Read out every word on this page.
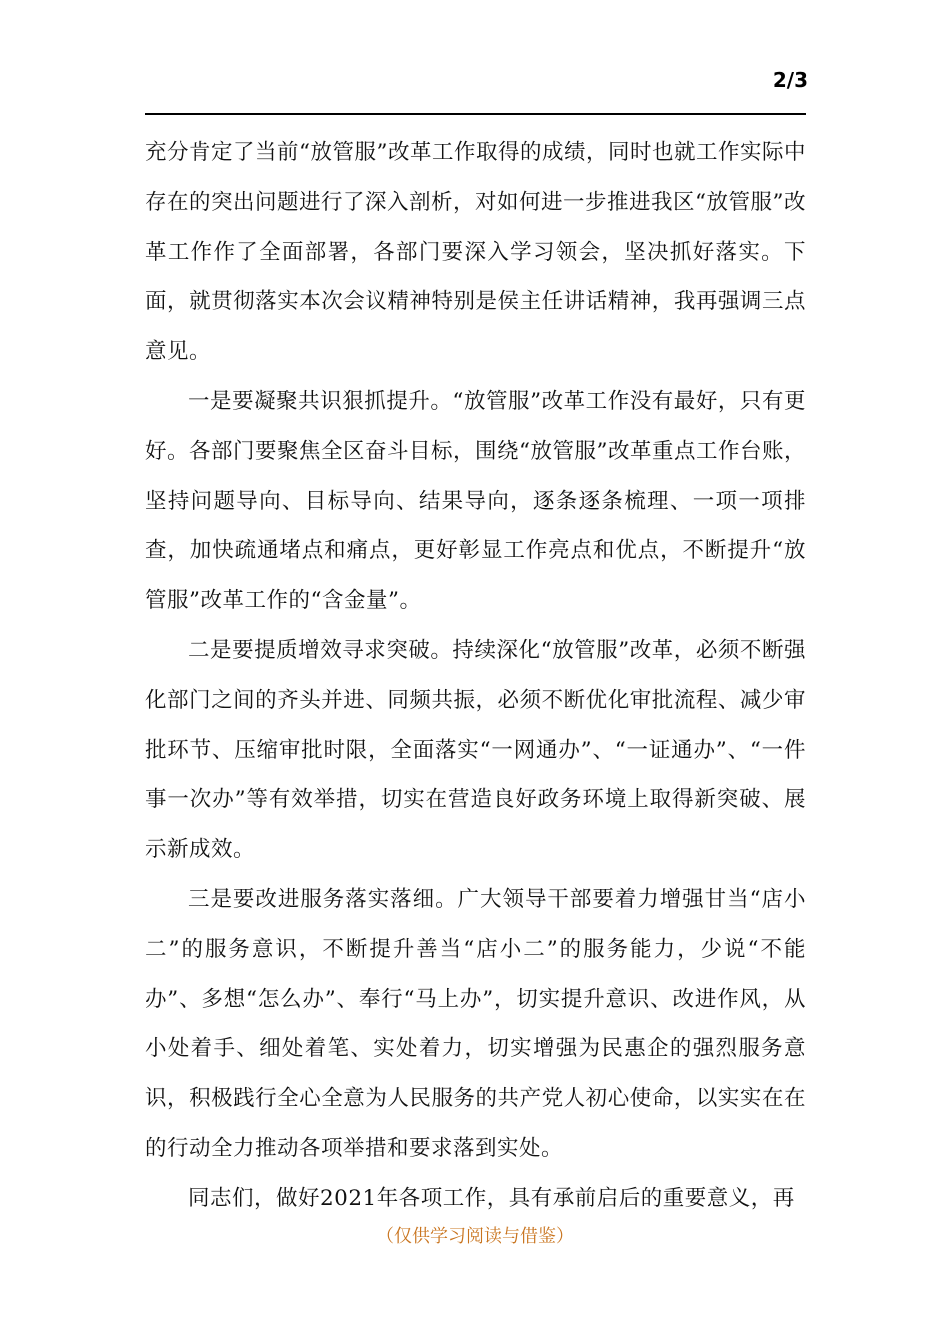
2/3

充分肯定了当前“放管服”改革工作取得的成绩，同时也就工作实际中存在的突出问题进行了深入剖析，对如何进一步推进我区“放管服”改革工作作了全面部署，各部门要深入学习领会，坚决抓好落实。下面，就贯彻落实本次会议精神特别是侯主任讲话精神，我再强调三点意见。

一是要凝聚共识狠抓提升。“放管服”改革工作没有最好，只有更好。各部门要聚焦全区奋斗目标，围绕“放管服”改革重点工作台账，坚持问题导向、目标导向、结果导向，逐条逐条梳理、一项一项排查，加快疏通堵点和痛点，更好彰显工作亮点和优点，不断提升“放管服”改革工作的“含金量”。

二是要提质增效寻求突破。持续深化“放管服”改革，必须不断强化部门之间的齐头并进、同频共振，必须不断优化审批流程、减少审批环节、压缩审批时限，全面落实“一网通办”、“一证通办”、“一件事一次办”等有效举措，切实在营造良好政务环境上取得新突破、展示新成效。

三是要改进服务落实落细。广大领导干部要着力增强甘当“店小二”的服务意识，不断提升善当“店小二”的服务能力，少说“不能办”、多想“怎么办”、奉行“马上办”，切实提升意识、改进作风，从小处着手、细处着笔、实处着力，切实增强为民惠企的强烈服务意识，积极践行全心全意为人民服务的共产党人初心使命，以实实在在的行动全力推动各项举措和要求落到实处。

同志们，做好2021年各项工作，具有承前启后的重要意义，再

（仅供学习阅读与借鉴）
